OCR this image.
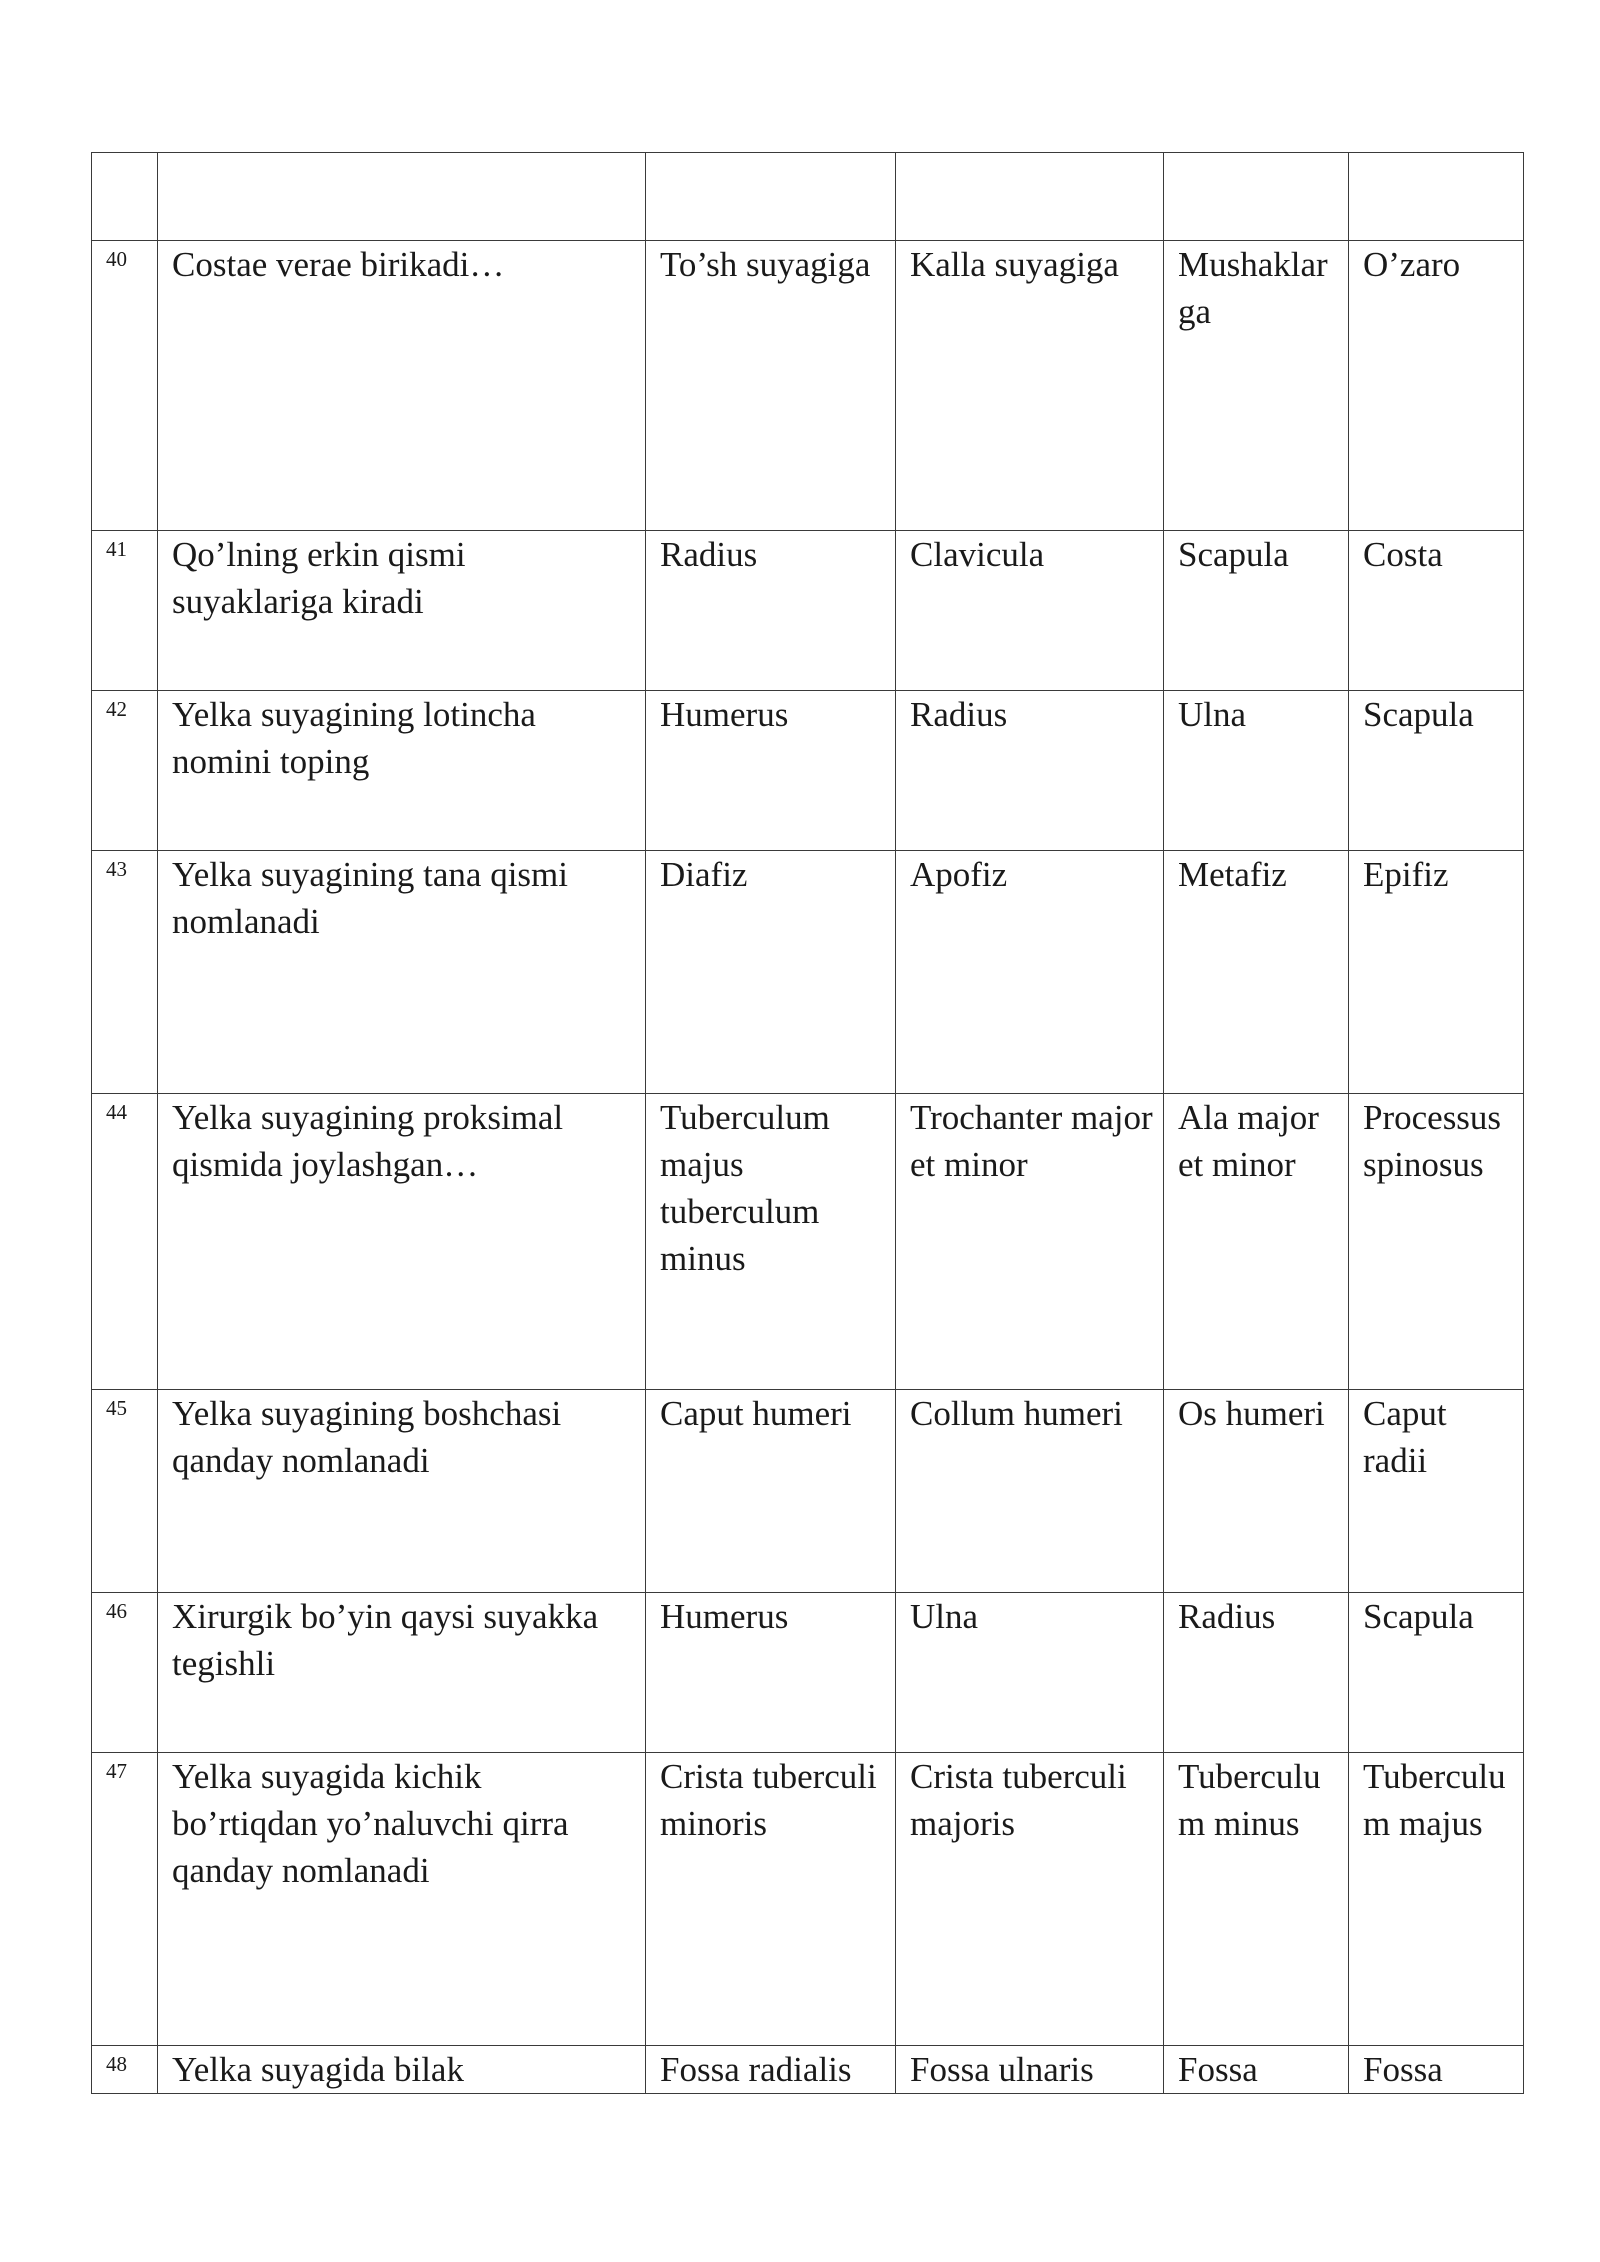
40	Costae verae birikadi…	To’sh suyagiga	Kalla suyagiga	Mushaklarga	O’zaro
41	Qo’lning erkin qismi suyaklariga kiradi	Radius	Clavicula	Scapula	Costa
42	Yelka suyagining lotincha nomini toping	Humerus	Radius	Ulna	Scapula
43	Yelka suyagining tana qismi nomlanadi	Diafiz	Apofiz	Metafiz	Epifiz
44	Yelka suyagining proksimal qismida joylashgan…	Tuberculum majus tuberculum minus	Trochanter major et minor	Ala major et minor	Processus spinosus
45	Yelka suyagining boshchasi qanday nomlanadi	Caput humeri	Collum humeri	Os humeri	Caput radii
46	Xirurgik bo’yin qaysi suyakka tegishli	Humerus	Ulna	Radius	Scapula
47	Yelka suyagida kichik bo’rtiqdan yo’naluvchi qirra qanday nomlanadi	Crista tuberculi minoris	Crista tuberculi majoris	Tuberculum minus	Tuberculum majus
48	Yelka suyagida bilak	Fossa radialis	Fossa ulnaris	Fossa	Fossa
